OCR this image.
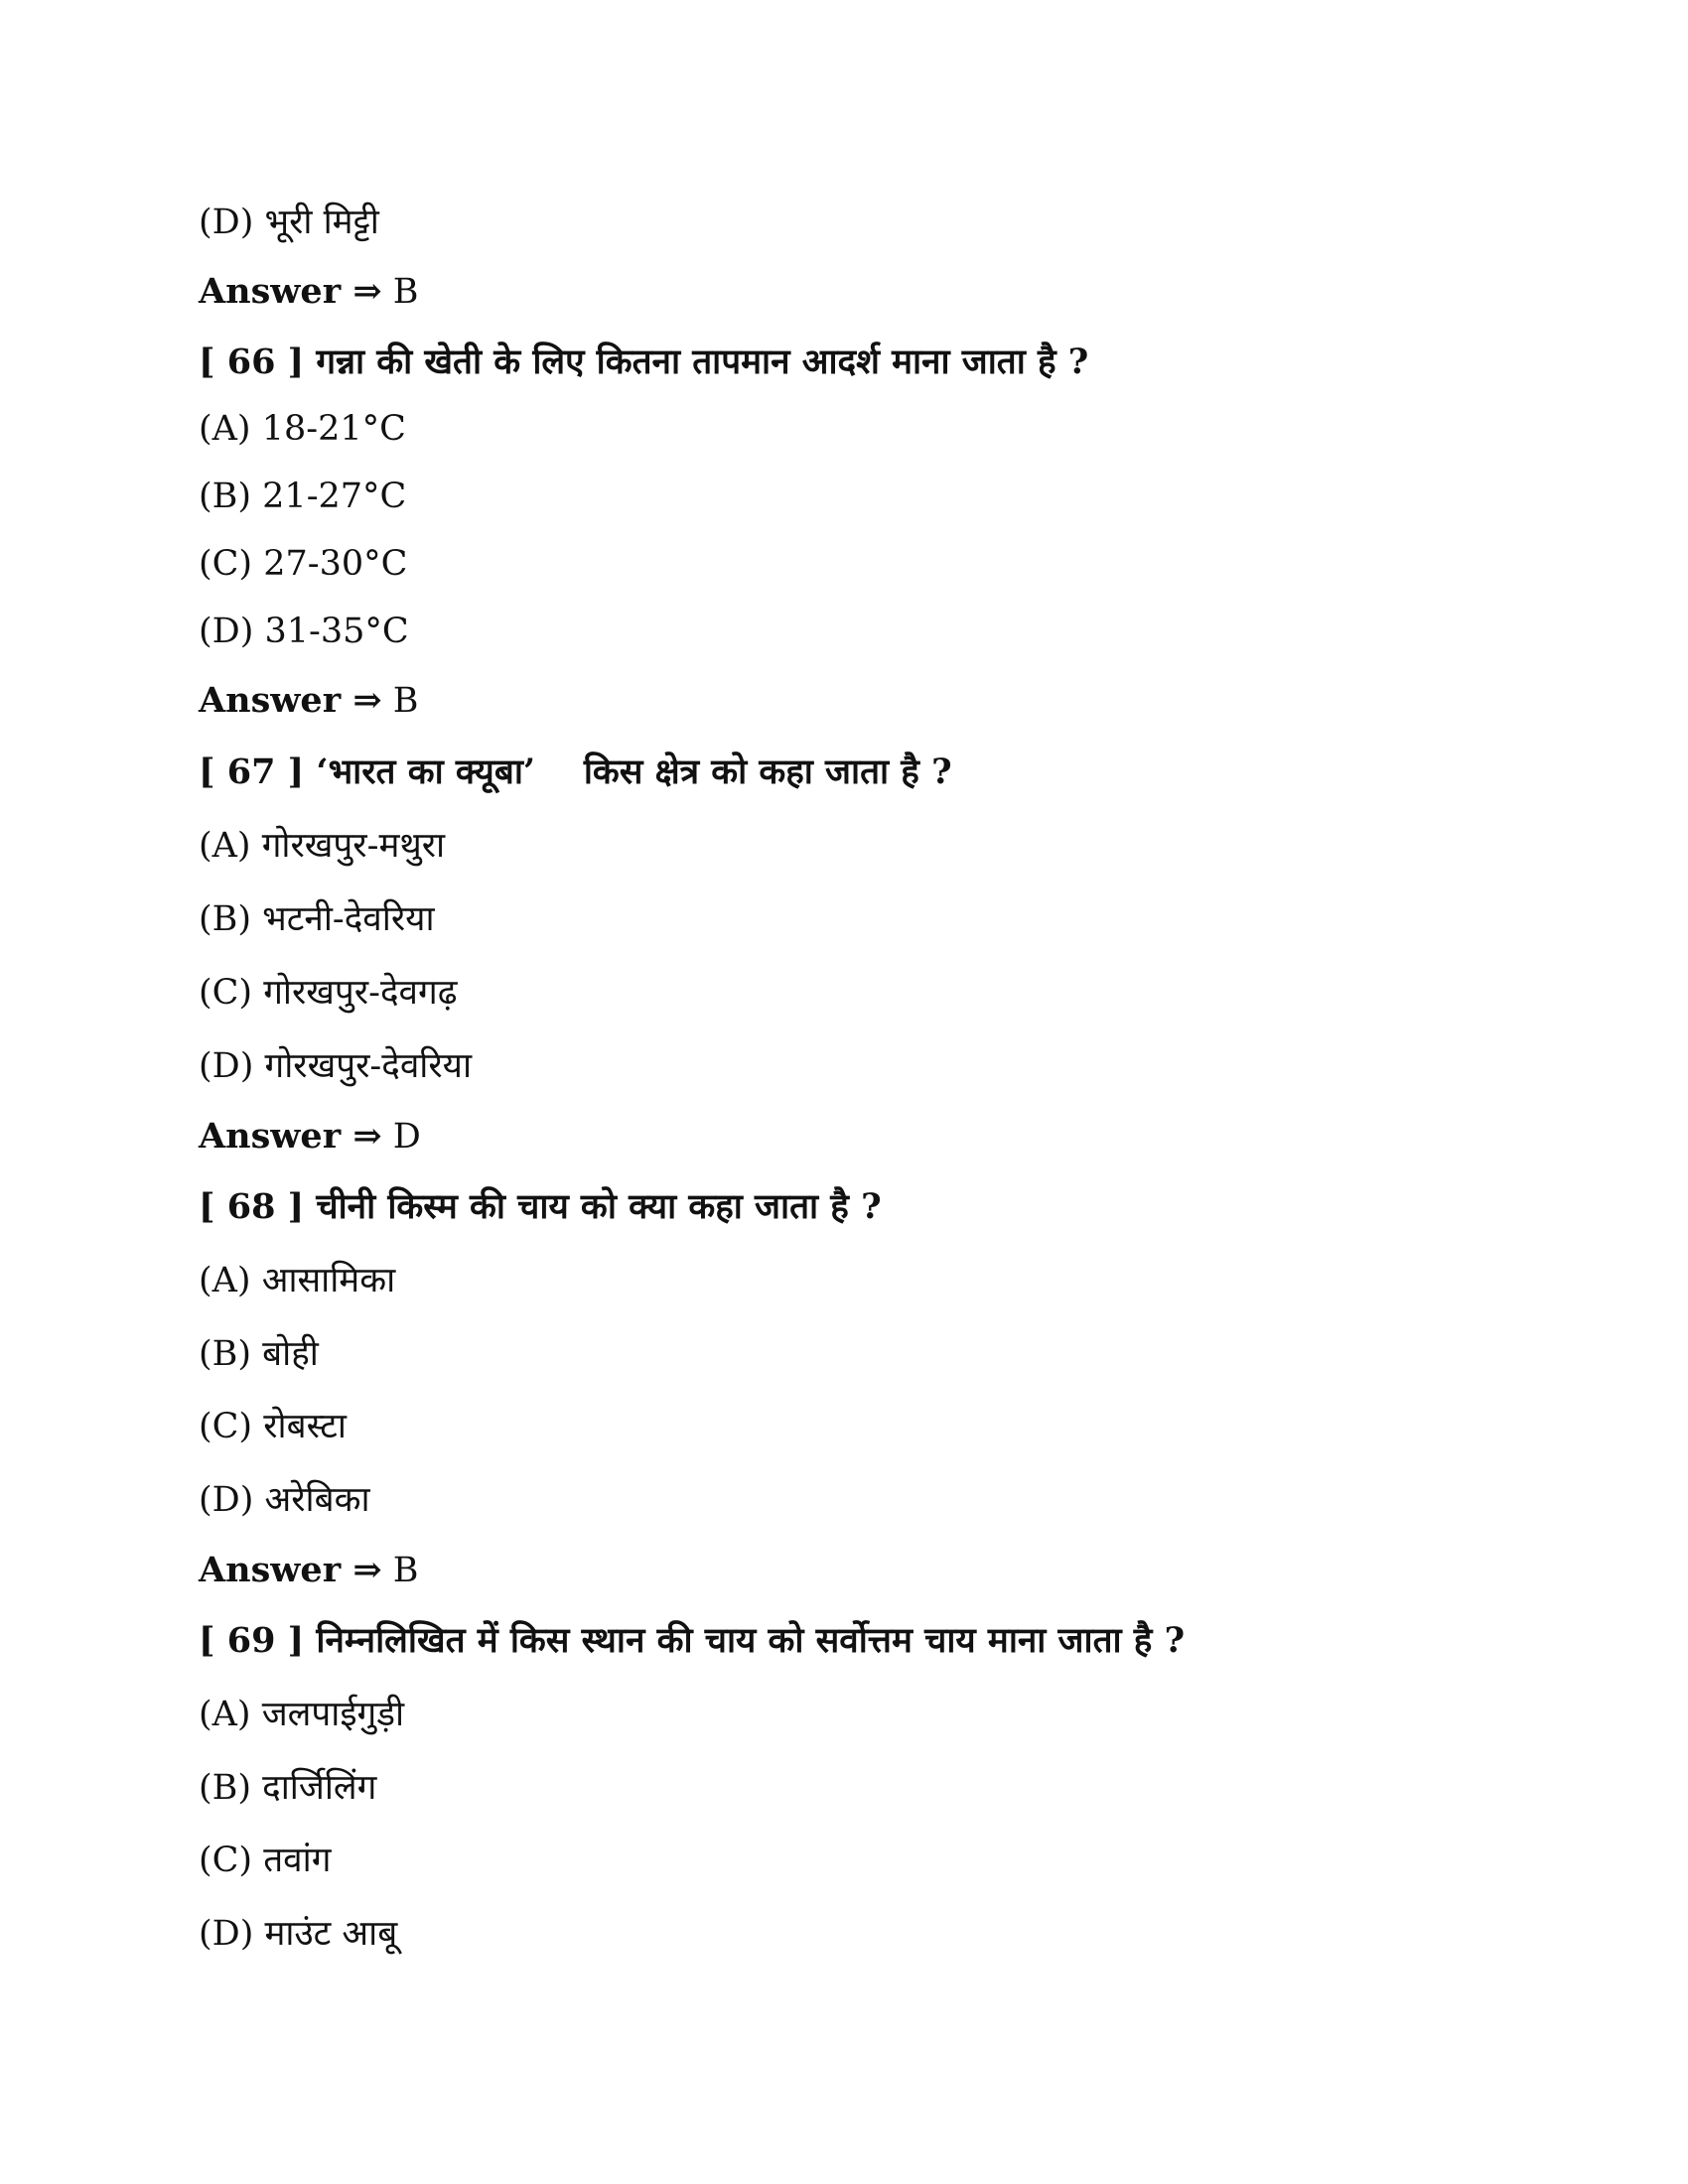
(D) भूरी मिट्टी
Answer ⇒ B
[ 66 ] गन्ना की खेती के लिए कितना तापमान आदर्श माना जाता है ?
(A) 18-21°C
(B) 21-27°C
(C) 27-30°C
(D) 31-35°C
Answer ⇒ B
[ 67 ] ‘भारत का क्यूबा’    किस क्षेत्र को कहा जाता है ?
(A) गोरखपुर-मथुरा
(B) भटनी-देवरिया
(C) गोरखपुर-देवगढ़
(D) गोरखपुर-देवरिया
Answer ⇒ D
[ 68 ] चीनी किस्म की चाय को क्या कहा जाता है ?
(A) आसामिका
(B) बोही
(C) रोबस्टा
(D) अरेबिका
Answer ⇒ B
[ 69 ] निम्नलिखित में किस स्थान की चाय को सर्वोत्तम चाय माना जाता है ?
(A) जलपाईगुड़ी
(B) दार्जिलिंग
(C) तवांग
(D) माउंट आबू
